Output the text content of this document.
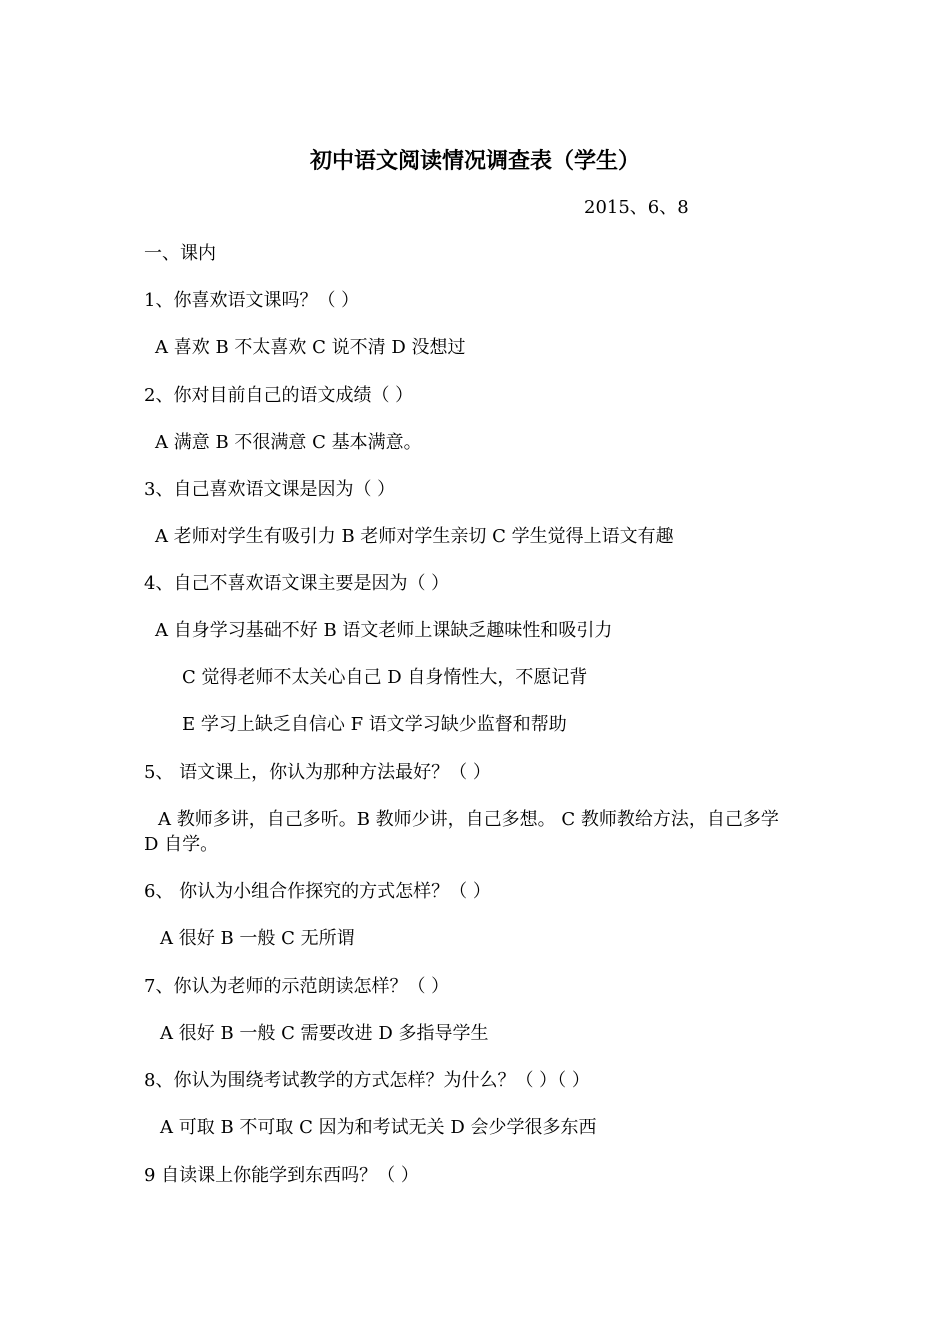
初中语文阅读情况调查表（学生）
2015、6、8
一、课内
1、你喜欢语文课吗？（ ）
A 喜欢 B 不太喜欢 C 说不清 D 没想过
2、你对目前自己的语文成绩（ ）
A 满意 B 不很满意 C 基本满意。
3、自己喜欢语文课是因为（ ）
A 老师对学生有吸引力 B 老师对学生亲切 C 学生觉得上语文有趣
4、自己不喜欢语文课主要是因为（ ）
A 自身学习基础不好 B 语文老师上课缺乏趣味性和吸引力
C 觉得老师不太关心自己 D 自身惰性大，不愿记背
E 学习上缺乏自信心 F 语文学习缺少监督和帮助
5、 语文课上，你认为那种方法最好？（ ）
A 教师多讲，自己多听。B 教师少讲，自己多想。 C 教师教给方法，自己多学
D 自学。
6、 你认为小组合作探究的方式怎样？（ ）
A 很好 B 一般 C 无所谓
7、你认为老师的示范朗读怎样？（ ）
A 很好 B 一般 C 需要改进 D 多指导学生
8、你认为围绕考试教学的方式怎样？为什么？（ ）（ ）
A 可取 B 不可取 C 因为和考试无关 D 会少学很多东西
9 自读课上你能学到东西吗？（ ）
